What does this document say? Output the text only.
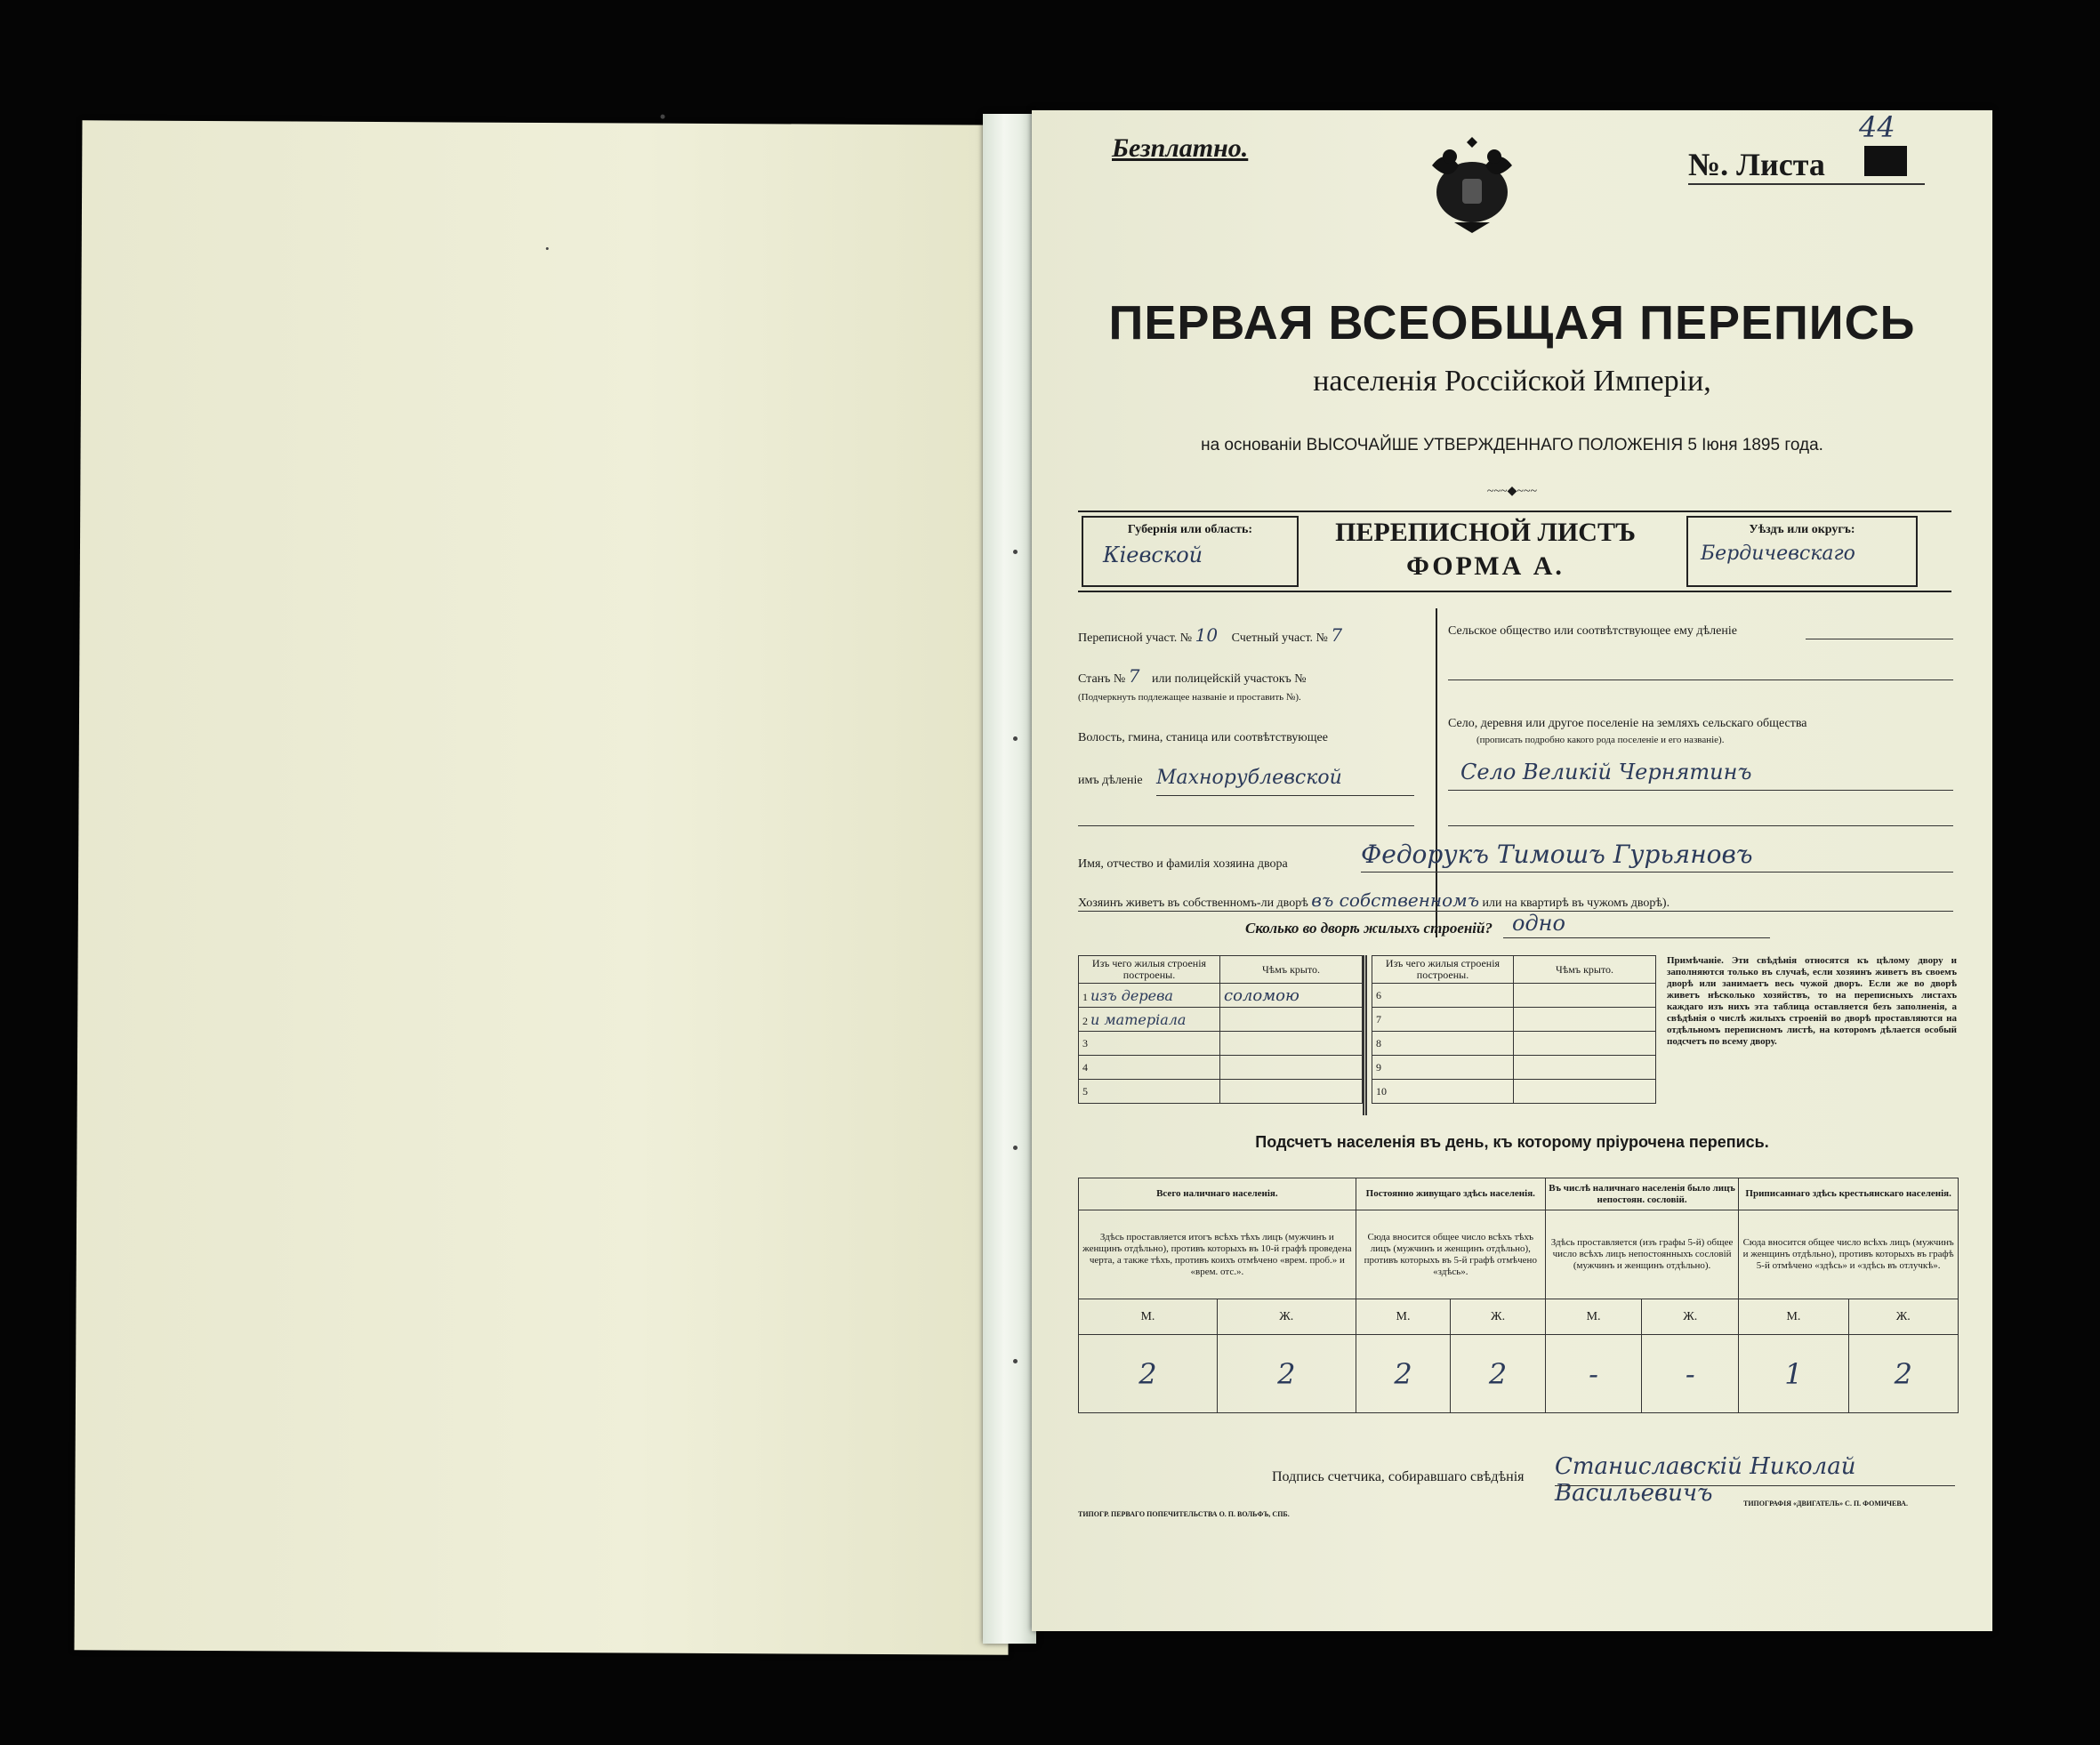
Безплатно.	№. Листа
44
ПЕРВАЯ ВСЕОБЩАЯ ПЕРЕПИСЬ
населенія Россійской Имперіи,
на основаніи ВЫСОЧАЙШЕ УТВЕРЖДЕННАГО ПОЛОЖЕНІЯ 5 Іюня 1895 года.
~~~◆~~~
Губернія или область:
Кіевской
ПЕРЕПИСНОЙ ЛИСТЪ
ФОРМА А.
Уѣздъ или округъ:
Бердичевскаго
Переписной участ. № 10 Счетный участ. № 7
Станъ № 7 или полицейскій участокъ №
(Подчеркнуть подлежащее названіе и проставить №).
Волость, гмина, станица или соотвѣтствующее
имъ дѣленіе Махнорублевской
Сельское общество или соотвѣтствующее ему дѣленіе
Село, деревня или другое поселеніе на земляхъ сельскаго общества
(прописать подробно какого рода поселеніе и его названіе).
Село Великій Чернятинъ
Имя, отчество и фамилія хозяина двора	Федорукъ Тимошъ Гурьяновъ
Хозяинъ живетъ въ собственномъ-ли дворѣ въ собственномъ или на квартирѣ въ чужомъ дворѣ).
Сколько во дворѣ жилыхъ строеній? одно
Изъ чего жилыя строенія построены.	Чѣмъ крыто.
1 изъ дерева	соломою
2 и матеріала	
3	
4	
5	
Изъ чего жилыя строенія построены.	Чѣмъ крыто.
6	
7	
8	
9	
10	
Примѣчаніе. Эти свѣдѣнія относятся къ цѣлому двору и заполняются только въ случаѣ, если хозяинъ живетъ въ своемъ дворѣ или занимаетъ весь чужой дворъ. Если же во дворѣ живетъ нѣсколько хозяйствъ, то на переписныхъ листахъ каждаго изъ нихъ эта таблица оставляется безъ заполненія, а свѣдѣнія о числѣ жилыхъ строеній во дворѣ проставляются на отдѣльномъ переписномъ листѣ, на которомъ дѣлается особый подсчетъ по всему двору.
Подсчетъ населенія въ день, къ которому пріурочена перепись.
Всего наличнаго населенія.		Постоянно живущаго здѣсь населенія.		Въ числѣ наличнаго населенія было лицъ непостоян. сословій.		Приписаннаго здѣсь крестьянскаго населенія.	
Здѣсь проставляется итогъ всѣхъ тѣхъ лицъ (мужчинъ и женщинъ отдѣльно), противъ которыхъ въ 10-й графѣ проведена черта, а также тѣхъ, противъ коихъ отмѣчено «врем. проб.» и «врем. отс.».		Сюда вносится общее число всѣхъ тѣхъ лицъ (мужчинъ и женщинъ отдѣльно), противъ которыхъ въ 5-й графѣ отмѣчено «здѣсь».		Здѣсь проставляется (изъ графы 5-й) общее число всѣхъ лицъ непостоянныхъ сословій (мужчинъ и женщинъ отдѣльно).		Сюда вносится общее число всѣхъ лицъ (мужчинъ и женщинъ отдѣльно), противъ которыхъ въ графѣ 5-й отмѣчено «здѣсь» и «здѣсь въ отлучкѣ».	
М.	Ж.	М.	Ж.	М.	Ж.	М.	Ж.
2	2	2	2	-	-	1	2
Подпись счетчика, собиравшаго свѣдѣнія Станиславскій Николай Васильевичъ
ТИПОГР. ПЕРВАГО ПОПЕЧИТЕЛЬСТВА О. П. ВОЛЬФЪ, СПБ.
ТИПОГРАФІЯ «ДВИГАТЕЛЬ» С. П. ФОМИЧЕВА.
